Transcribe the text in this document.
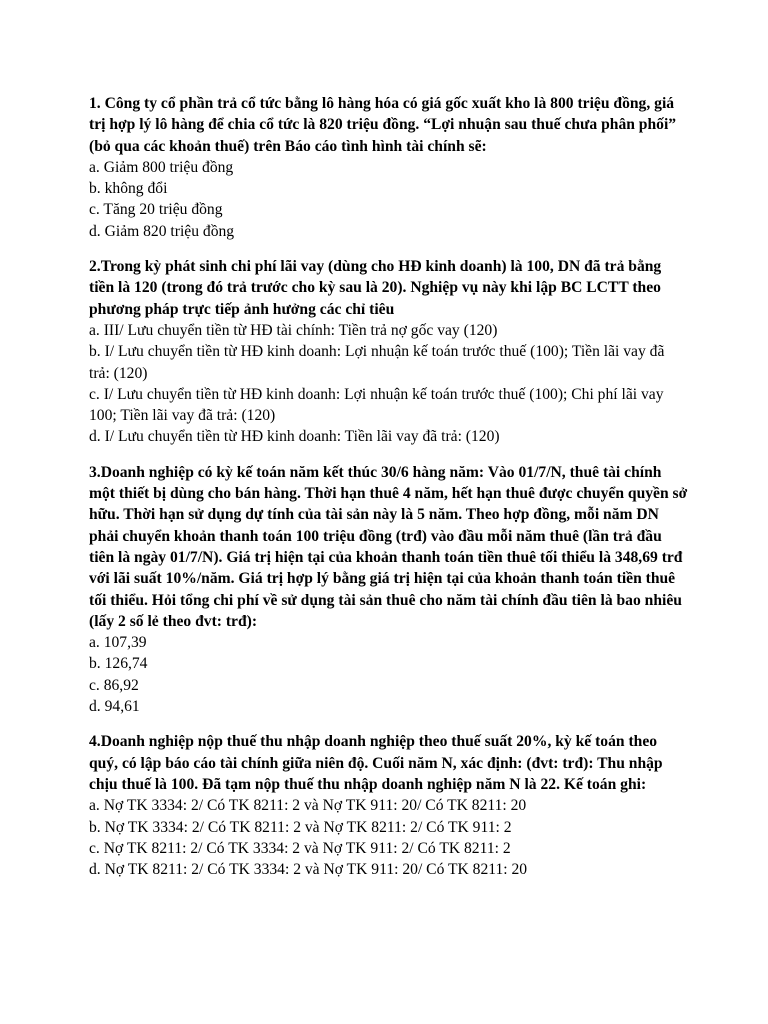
1. Công ty cổ phần trả cổ tức bằng lô hàng hóa có giá gốc xuất kho là 800 triệu đồng, giá trị hợp lý lô hàng để chia cổ tức là 820 triệu đồng. “Lợi nhuận sau thuế chưa phân phối” (bỏ qua các khoản thuế) trên Báo cáo tình hình tài chính sẽ:

a. Giảm 800 triệu đồng

b. không đổi

c. Tăng 20 triệu đồng

d. Giảm 820 triệu đồng

2.Trong kỳ phát sinh chi phí lãi vay (dùng cho HĐ kinh doanh) là 100, DN đã trả bằng tiền là 120 (trong đó trả trước cho kỳ sau là 20). Nghiệp vụ này khi lập BC LCTT theo phương pháp trực tiếp ảnh hưởng các chỉ tiêu

a. III/ Lưu chuyển tiền từ HĐ tài chính: Tiền trả nợ gốc vay (120)

b. I/ Lưu chuyển tiền từ HĐ kinh doanh: Lợi nhuận kế toán trước thuế (100); Tiền lãi vay đã trả: (120)

c. I/ Lưu chuyển tiền từ HĐ kinh doanh: Lợi nhuận kế toán trước thuế (100); Chi phí lãi vay 100; Tiền lãi vay đã trả: (120)

d. I/ Lưu chuyển tiền từ HĐ kinh doanh: Tiền lãi vay đã trả: (120)

3.Doanh nghiệp có kỳ kế toán năm kết thúc 30/6 hàng năm: Vào 01/7/N, thuê tài chính một thiết bị dùng cho bán hàng. Thời hạn thuê 4 năm, hết hạn thuê được chuyển quyền sở hữu. Thời hạn sử dụng dự tính của tài sản này là 5 năm. Theo hợp đồng, mỗi năm DN phải chuyển khoản thanh toán 100 triệu đồng (trđ) vào đầu mỗi năm thuê (lần trả đầu tiên là ngày 01/7/N). Giá trị hiện tại của khoản thanh toán tiền thuê tối thiểu là 348,69 trđ với lãi suất 10%/năm. Giá trị hợp lý bằng giá trị hiện tại của khoản thanh toán tiền thuê tối thiểu. Hỏi tổng chi phí về sử dụng tài sản thuê cho năm tài chính đầu tiên là bao nhiêu (lấy 2 số lẻ theo đvt: trđ):

a. 107,39

b. 126,74

c. 86,92

d. 94,61

4.Doanh nghiệp nộp thuế thu nhập doanh nghiệp theo thuế suất 20%, kỳ kế toán theo quý, có lập báo cáo tài chính giữa niên độ. Cuối năm N, xác định: (đvt: trđ): Thu nhập chịu thuế là 100. Đã tạm nộp thuế thu nhập doanh nghiệp năm N là 22. Kế toán ghi:

a. Nợ TK 3334: 2/ Có TK 8211: 2 và Nợ TK 911: 20/ Có TK 8211: 20

b. Nợ TK 3334: 2/ Có TK 8211: 2 và Nợ TK 8211: 2/ Có TK 911: 2

c. Nợ TK 8211: 2/ Có TK 3334: 2 và Nợ TK 911: 2/ Có TK 8211: 2

d. Nợ TK 8211: 2/ Có TK 3334: 2 và Nợ TK 911: 20/ Có TK 8211: 20
